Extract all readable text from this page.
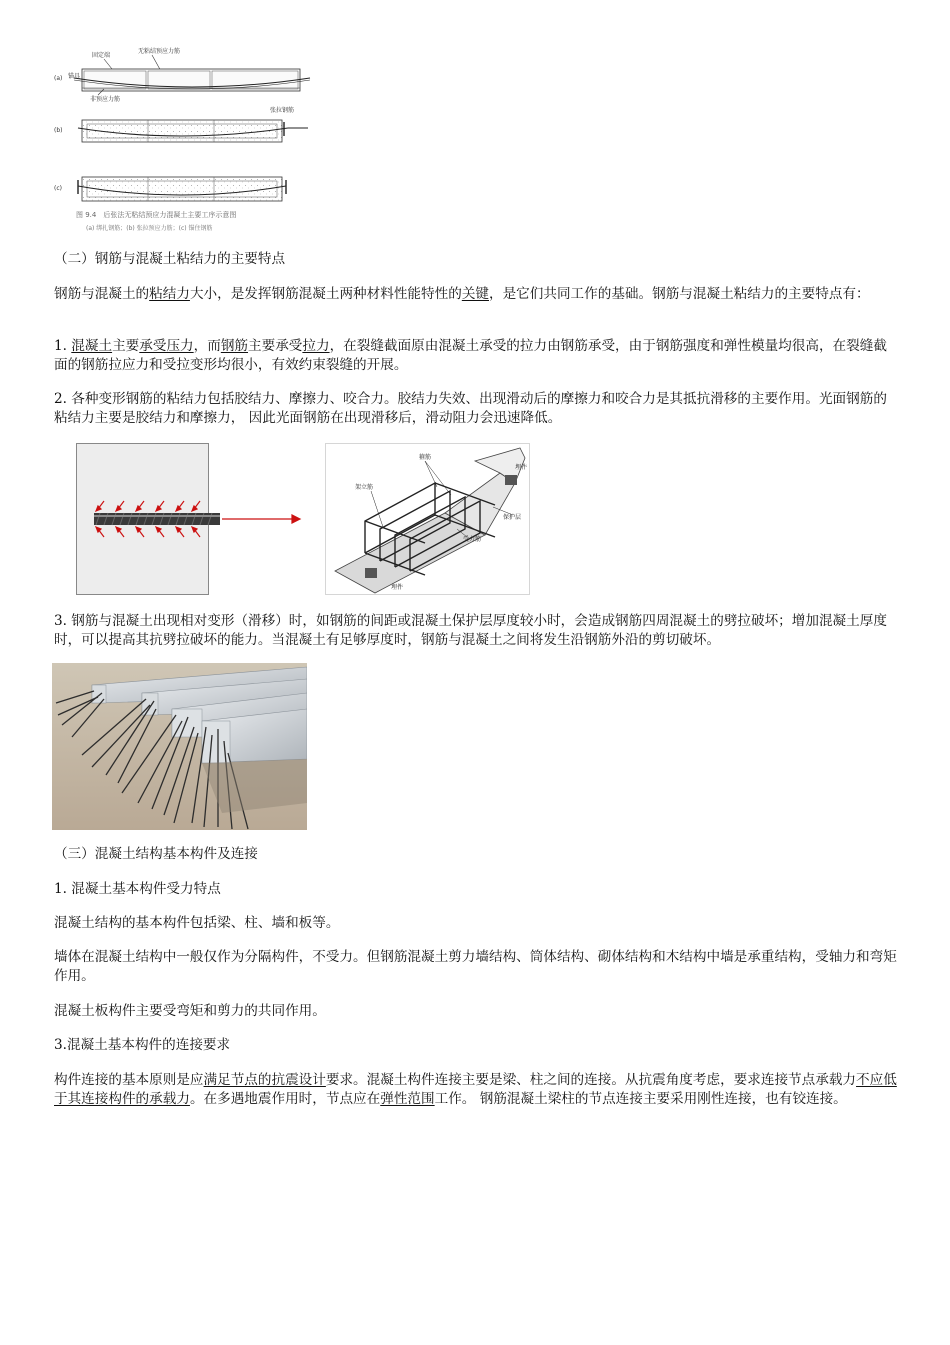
固定端
无粘结预应力筋
(a) 锚具
非预应力筋
张拉钢筋
(b)
(c)
图 9.4　后张法无粘结预应力混凝土主要工序示意图
(a) 绑扎钢筋；(b) 张拉预应力筋；(c) 锚住钢筋

（二）钢筋与混凝土粘结力的主要特点

钢筋与混凝土的粘结力大小，是发挥钢筋混凝土两种材料性能特性的关键，是它们共同工作的基础。钢筋与混凝土粘结力的主要特点有：

1. 混凝土主要承受压力，而钢筋主要承受拉力，在裂缝截面原由混凝土承受的拉力由钢筋承受，由于钢筋强度和弹性模量均很高，在裂缝截面的钢筋拉应力和受拉变形均很小，有效约束裂缝的开展。

2. 各种变形钢筋的粘结力包括胶结力、摩擦力、咬合力。胶结力失效、出现滑动后的摩擦力和咬合力是其抵抗滑移的主要作用。光面钢筋的粘结力主要是胶结力和摩擦力， 因此光面钢筋在出现滑移后，滑动阻力会迅速降低。

箍筋
架立筋
埋件
保护层
受力筋
埋件

3. 钢筋与混凝土出现相对变形（滑移）时，如钢筋的间距或混凝土保护层厚度较小时，会造成钢筋四周混凝土的劈拉破坏；增加混凝土厚度时，可以提高其抗劈拉破坏的能力。当混凝土有足够厚度时，钢筋与混凝土之间将发生沿钢筋外沿的剪切破坏。

（三）混凝土结构基本构件及连接

1. 混凝土基本构件受力特点

混凝土结构的基本构件包括梁、柱、墙和板等。

墙体在混凝土结构中一般仅作为分隔构件，不受力。但钢筋混凝土剪力墙结构、筒体结构、砌体结构和木结构中墙是承重结构，受轴力和弯矩作用。

混凝土板构件主要受弯矩和剪力的共同作用。

3.混凝土基本构件的连接要求

构件连接的基本原则是应满足节点的抗震设计要求。混凝土构件连接主要是梁、柱之间的连接。从抗震角度考虑，要求连接节点承载力不应低于其连接构件的承载力。在多遇地震作用时，节点应在弹性范围工作。 钢筋混凝土梁柱的节点连接主要采用刚性连接，也有铰连接。
